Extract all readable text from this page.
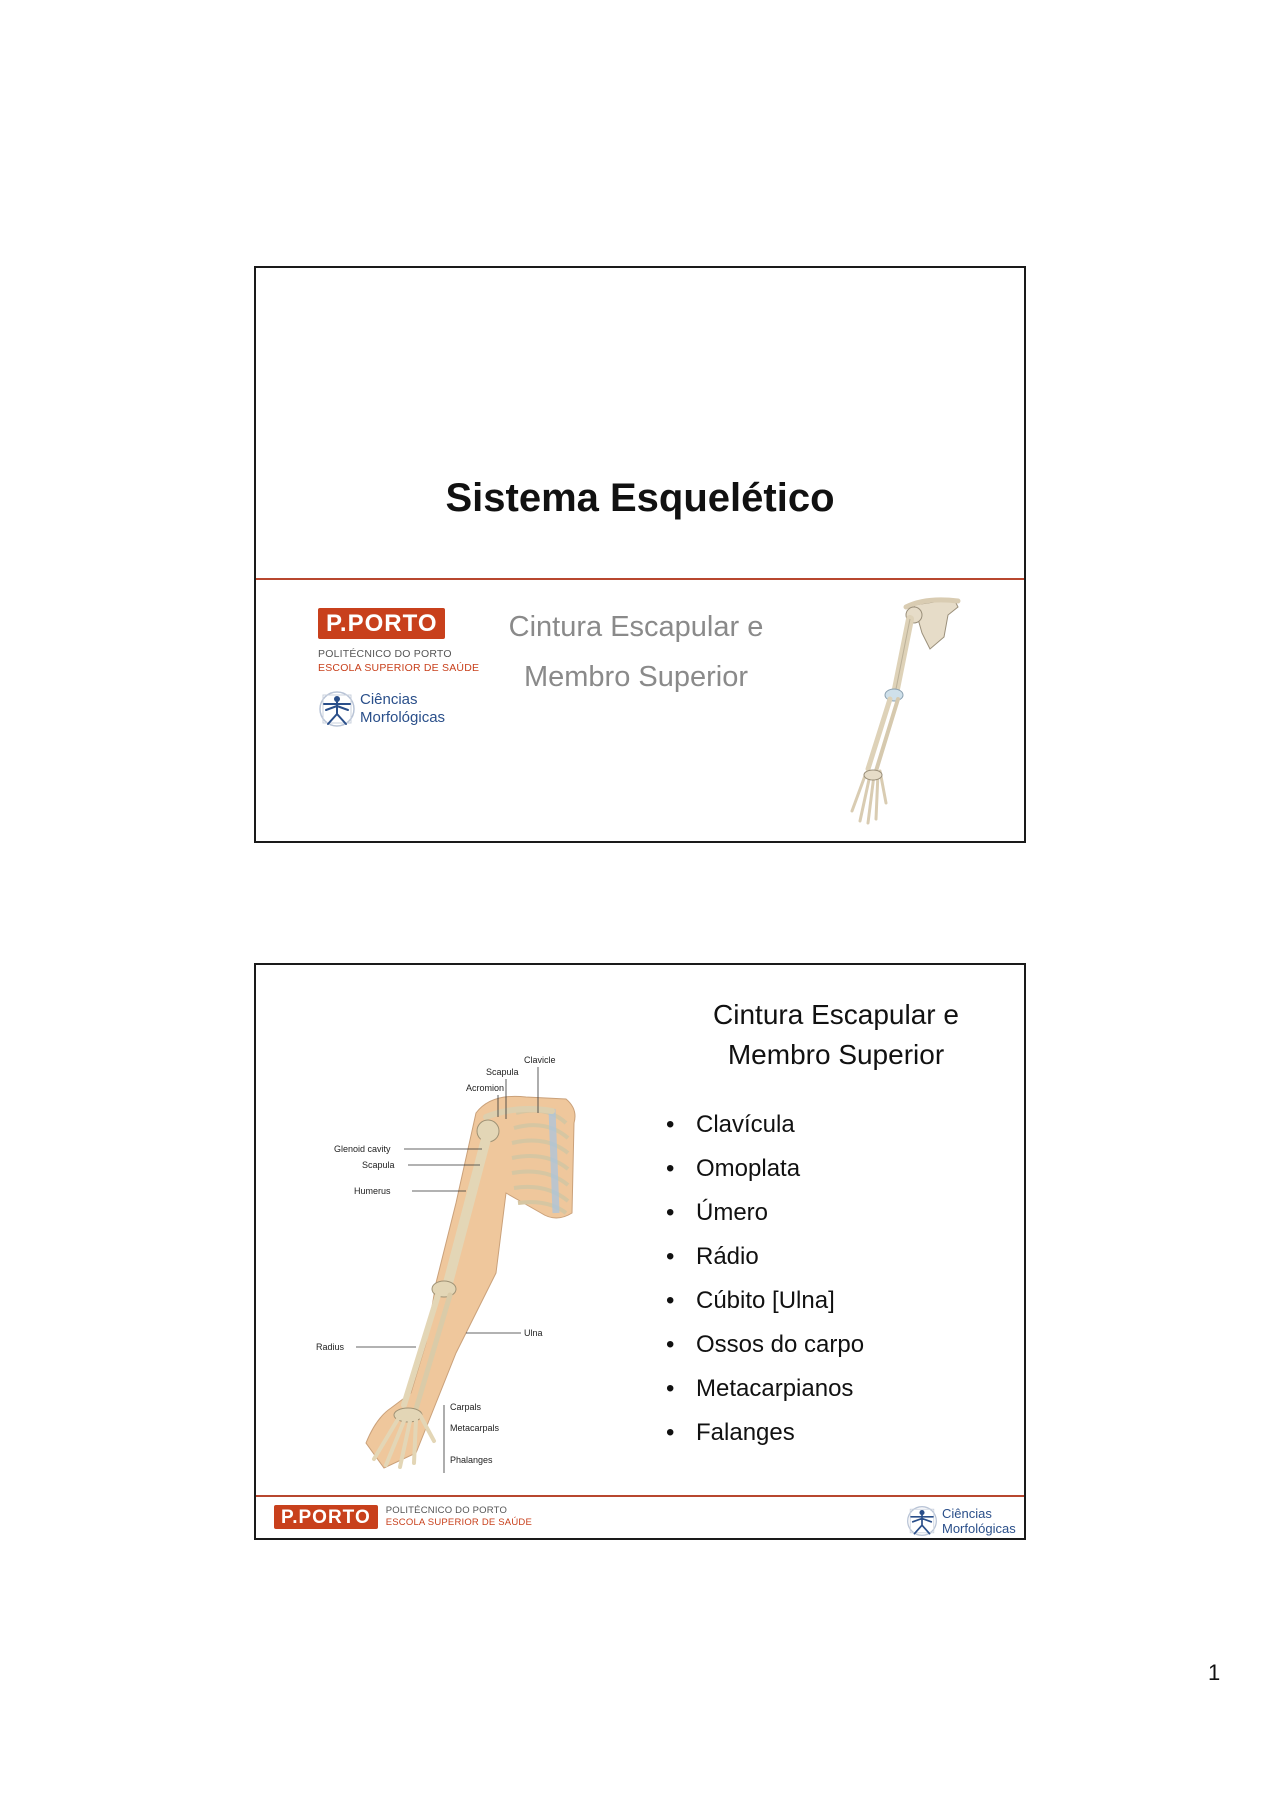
Sistema Esquelético
P.PORTO
POLITÉCNICO DO PORTO
ESCOLA SUPERIOR DE SAÚDE
Ciências
Morfológicas
Cintura Escapular e
Membro Superior
Clavicle
Scapula
Acromion
Glenoid cavity
Scapula
Humerus
Ulna
Radius
Carpals
Metacarpals
Phalanges
Cintura Escapular e
Membro Superior
• Clavícula
• Omoplata
• Úmero
• Rádio
• Cúbito [Ulna]
• Ossos do carpo
• Metacarpianos
• Falanges
P.PORTO	POLITÉCNICO DO PORTO
ESCOLA SUPERIOR DE SAÚDE
Ciências
Morfológicas
1
